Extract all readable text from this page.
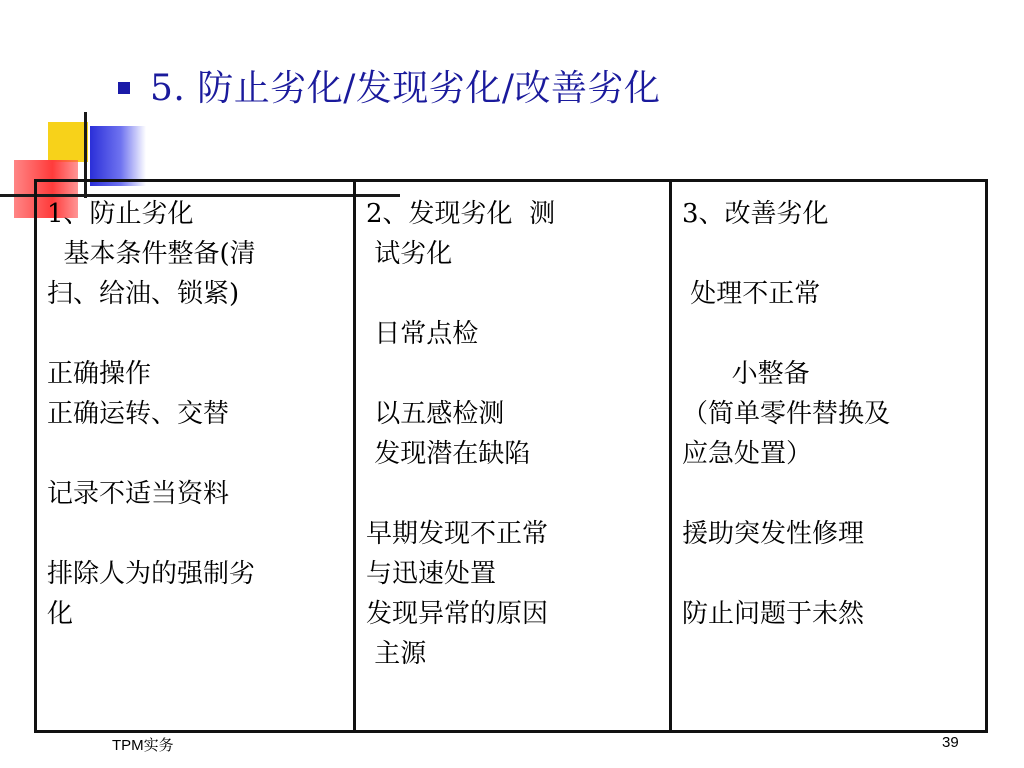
5. 防止劣化/发现劣化/改善劣化
1、防止劣化
基本条件整备(清
扫、给油、锁紧)
正确操作
正确运转、交替
记录不适当资料
排除人为的强制劣
化
2、发现劣化  测
试劣化
日常点检
以五感检测
发现潜在缺陷
早期发现不正常
与迅速处置
发现异常的原因
主源
3、改善劣化
处理不正常
小整备
（简单零件替换及
应急处置）
援助突发性修理
防止问题于未然
TPM实务	39
